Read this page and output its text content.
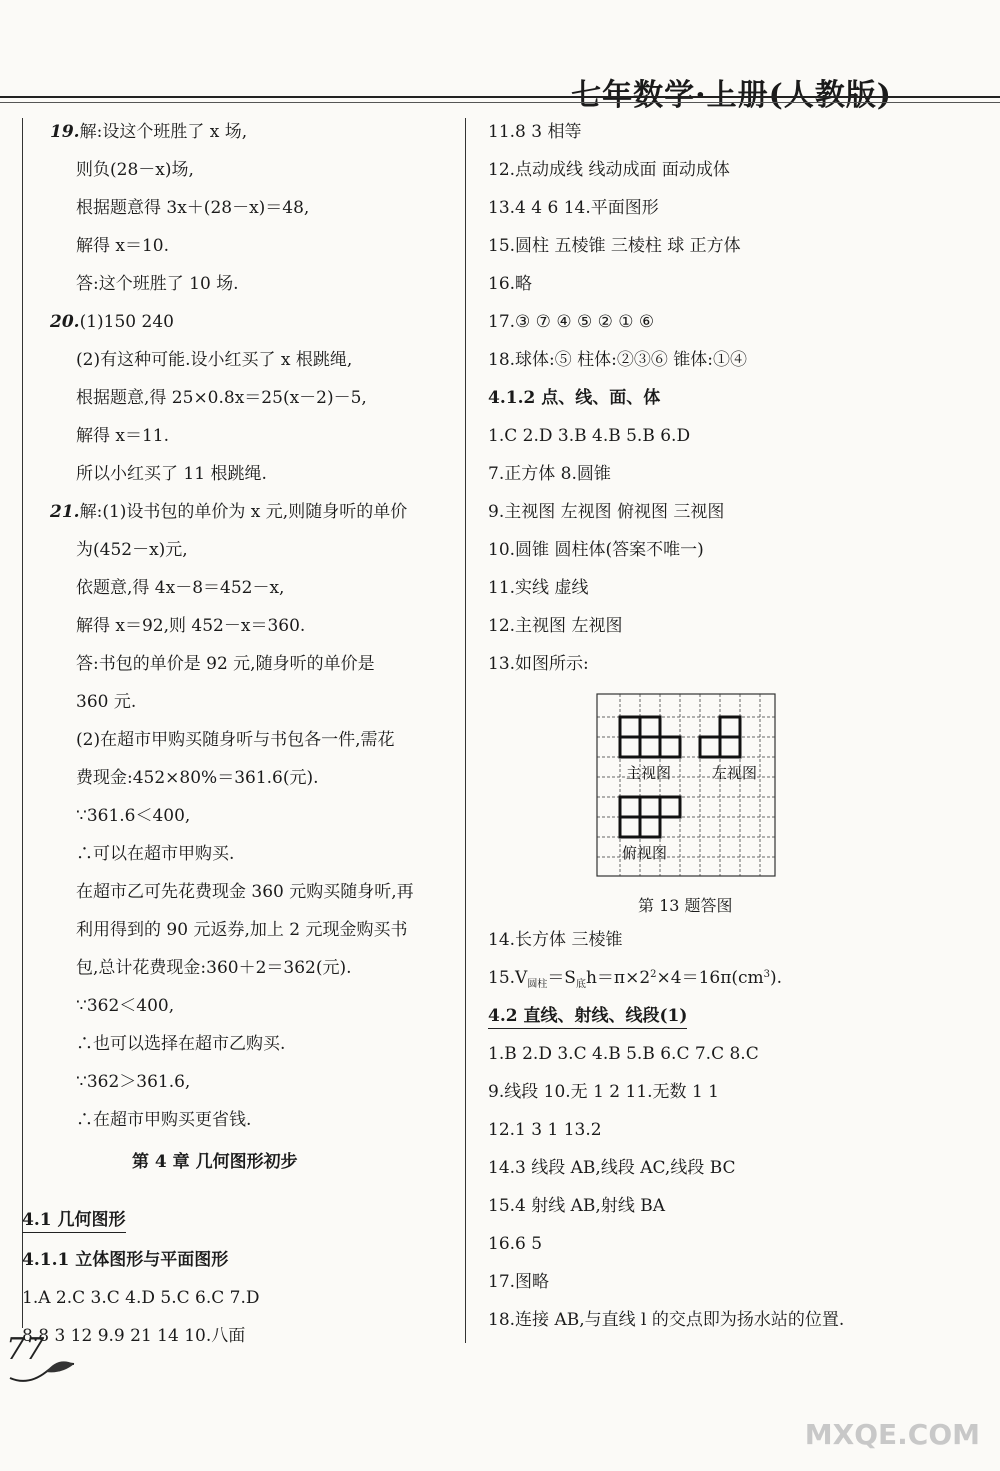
七年数学·上册(人教版)
第 4 章 几何图形初步
4.1 几何图形
4.1.1 立体图形与平面图形
19.解:设这个班胜了 x 场,
则负(28－x)场,
根据题意得 3x＋(28－x)＝48,
解得 x＝10.
答:这个班胜了 10 场.
20.(1)150 240
(2)有这种可能.设小红买了 x 根跳绳,
根据题意,得 25×0.8x＝25(x－2)－5,
解得 x＝11.
所以小红买了 11 根跳绳.
21.解:(1)设书包的单价为 x 元,则随身听的单价
为(452－x)元,
依题意,得 4x－8＝452－x,
解得 x＝92,则 452－x＝360.
答:书包的单价是 92 元,随身听的单价是
360 元.
(2)在超市甲购买随身听与书包各一件,需花
费现金:452×80%＝361.6(元).
∵361.6＜400,
∴可以在超市甲购买.
在超市乙可先花费现金 360 元购买随身听,再
利用得到的 90 元返券,加上 2 元现金购买书
包,总计花费现金:360＋2＝362(元).
∵362＜400,
∴也可以选择在超市乙购买.
∵362＞361.6,
∴在超市甲购买更省钱.
1.A 2.C 3.C 4.D 5.C 6.C 7.D
8.8 3 12 9.9 21 14 10.八面
4.1.2 点、线、面、体
$15.V_{圆柱}=S_底h=\pi\times 2^2\times 4=16\pi(cm^3)$.
4.2 直线、射线、线段(1)
11.8 3 相等
12.点动成线 线动成面 面动成体
13.4 4 6 14.平面图形
15.圆柱 五棱锥 三棱柱 球 正方体
16.略
17.③ ⑦ ④ ⑤ ② ① ⑥
18.球体:⑤ 柱体:②③⑥ 锥体:①④
1.C 2.D 3.B 4.B 5.B 6.D
7.正方体 8.圆锥
9.主视图 左视图 俯视图 三视图
10.圆锥 圆柱体(答案不唯一)
11.实线 虚线
12.主视图 左视图
13.如图所示:
14.长方体 三棱锥
1.B 2.D 3.C 4.B 5.B 6.C 7.C 8.C
9.线段 10.无 1 2 11.无数 1 1
12.1 3 1 13.2
14.3 线段 AB,线段 AC,线段 BC
15.4 射线 AB,射线 BA
16.6 5
17.图略
18.连接 AB,与直线 l 的交点即为扬水站的位置.
主视图	左视图
俯视图
第 13 题答图
77
MXQE.COM
